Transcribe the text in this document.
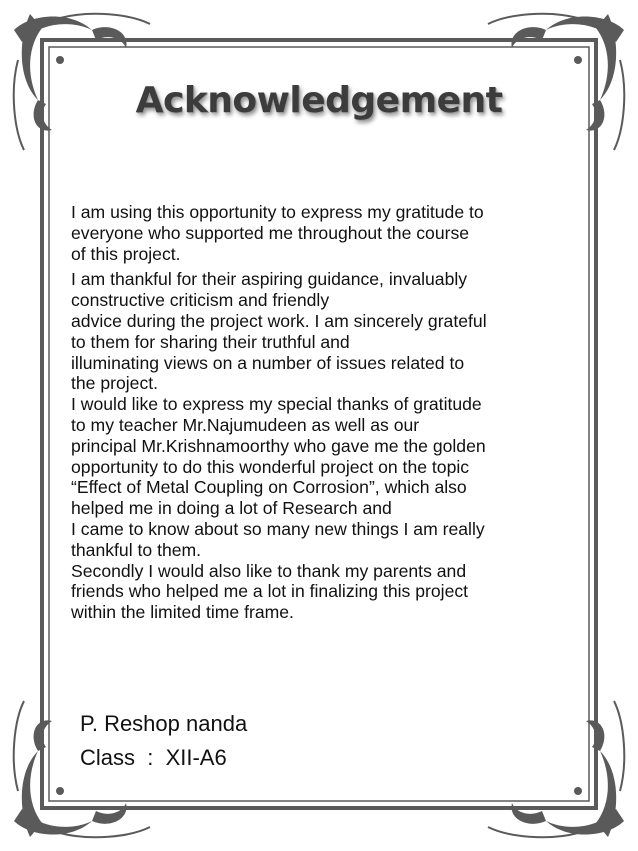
Acknowledgement
I am using this opportunity to express my gratitude to
everyone who supported me throughout the course
of this project.
I am thankful for their aspiring guidance, invaluably
constructive criticism and friendly
advice during the project work. I am sincerely grateful
to them for sharing their truthful and
illuminating views on a number of issues related to
the project.
I would like to express my special thanks of gratitude
to my teacher Mr.Najumudeen as well as our
principal Mr.Krishnamoorthy who gave me the golden
opportunity to do this wonderful project on the topic
“Effect of Metal Coupling on Corrosion”, which also
helped me in doing a lot of Research and
I came to know about so many new things I am really
thankful to them.
Secondly I would also like to thank my parents and
friends who helped me a lot in finalizing this project
within the limited time frame.
P. Reshop nanda
Class  :  XII-A6
